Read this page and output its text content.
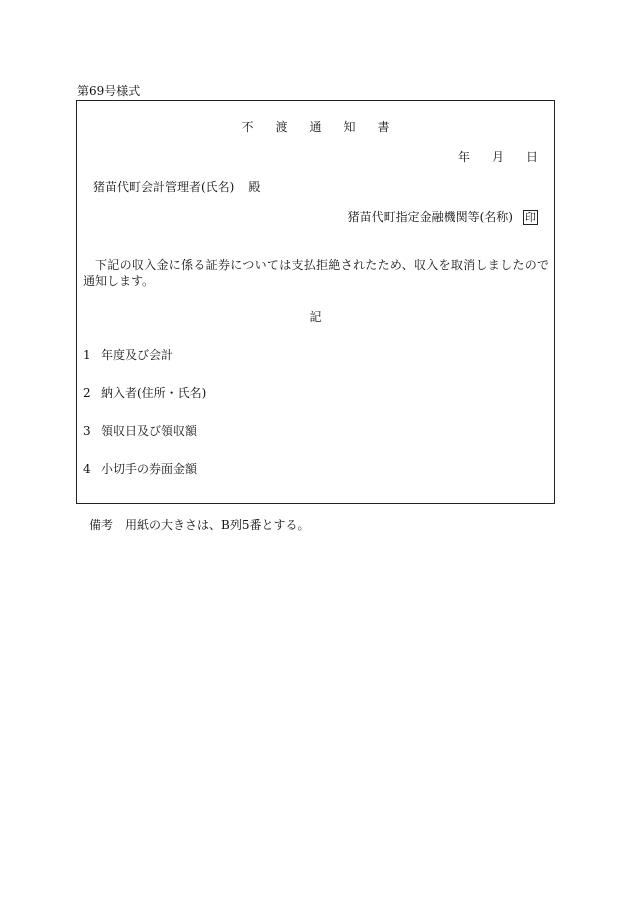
第69号様式
不渡通知書
年 月 日
猪苗代町会計管理者(氏名) 殿
猪苗代町指定金融機関等(名称) 印
下記の収入金に係る証券については支払拒絶されたため、収入を取消しましたので通知します。
記
1 年度及び会計
2 納入者(住所・氏名)
3 領収日及び領収額
4 小切手の券面金額
備考 用紙の大きさは、B列5番とする。
